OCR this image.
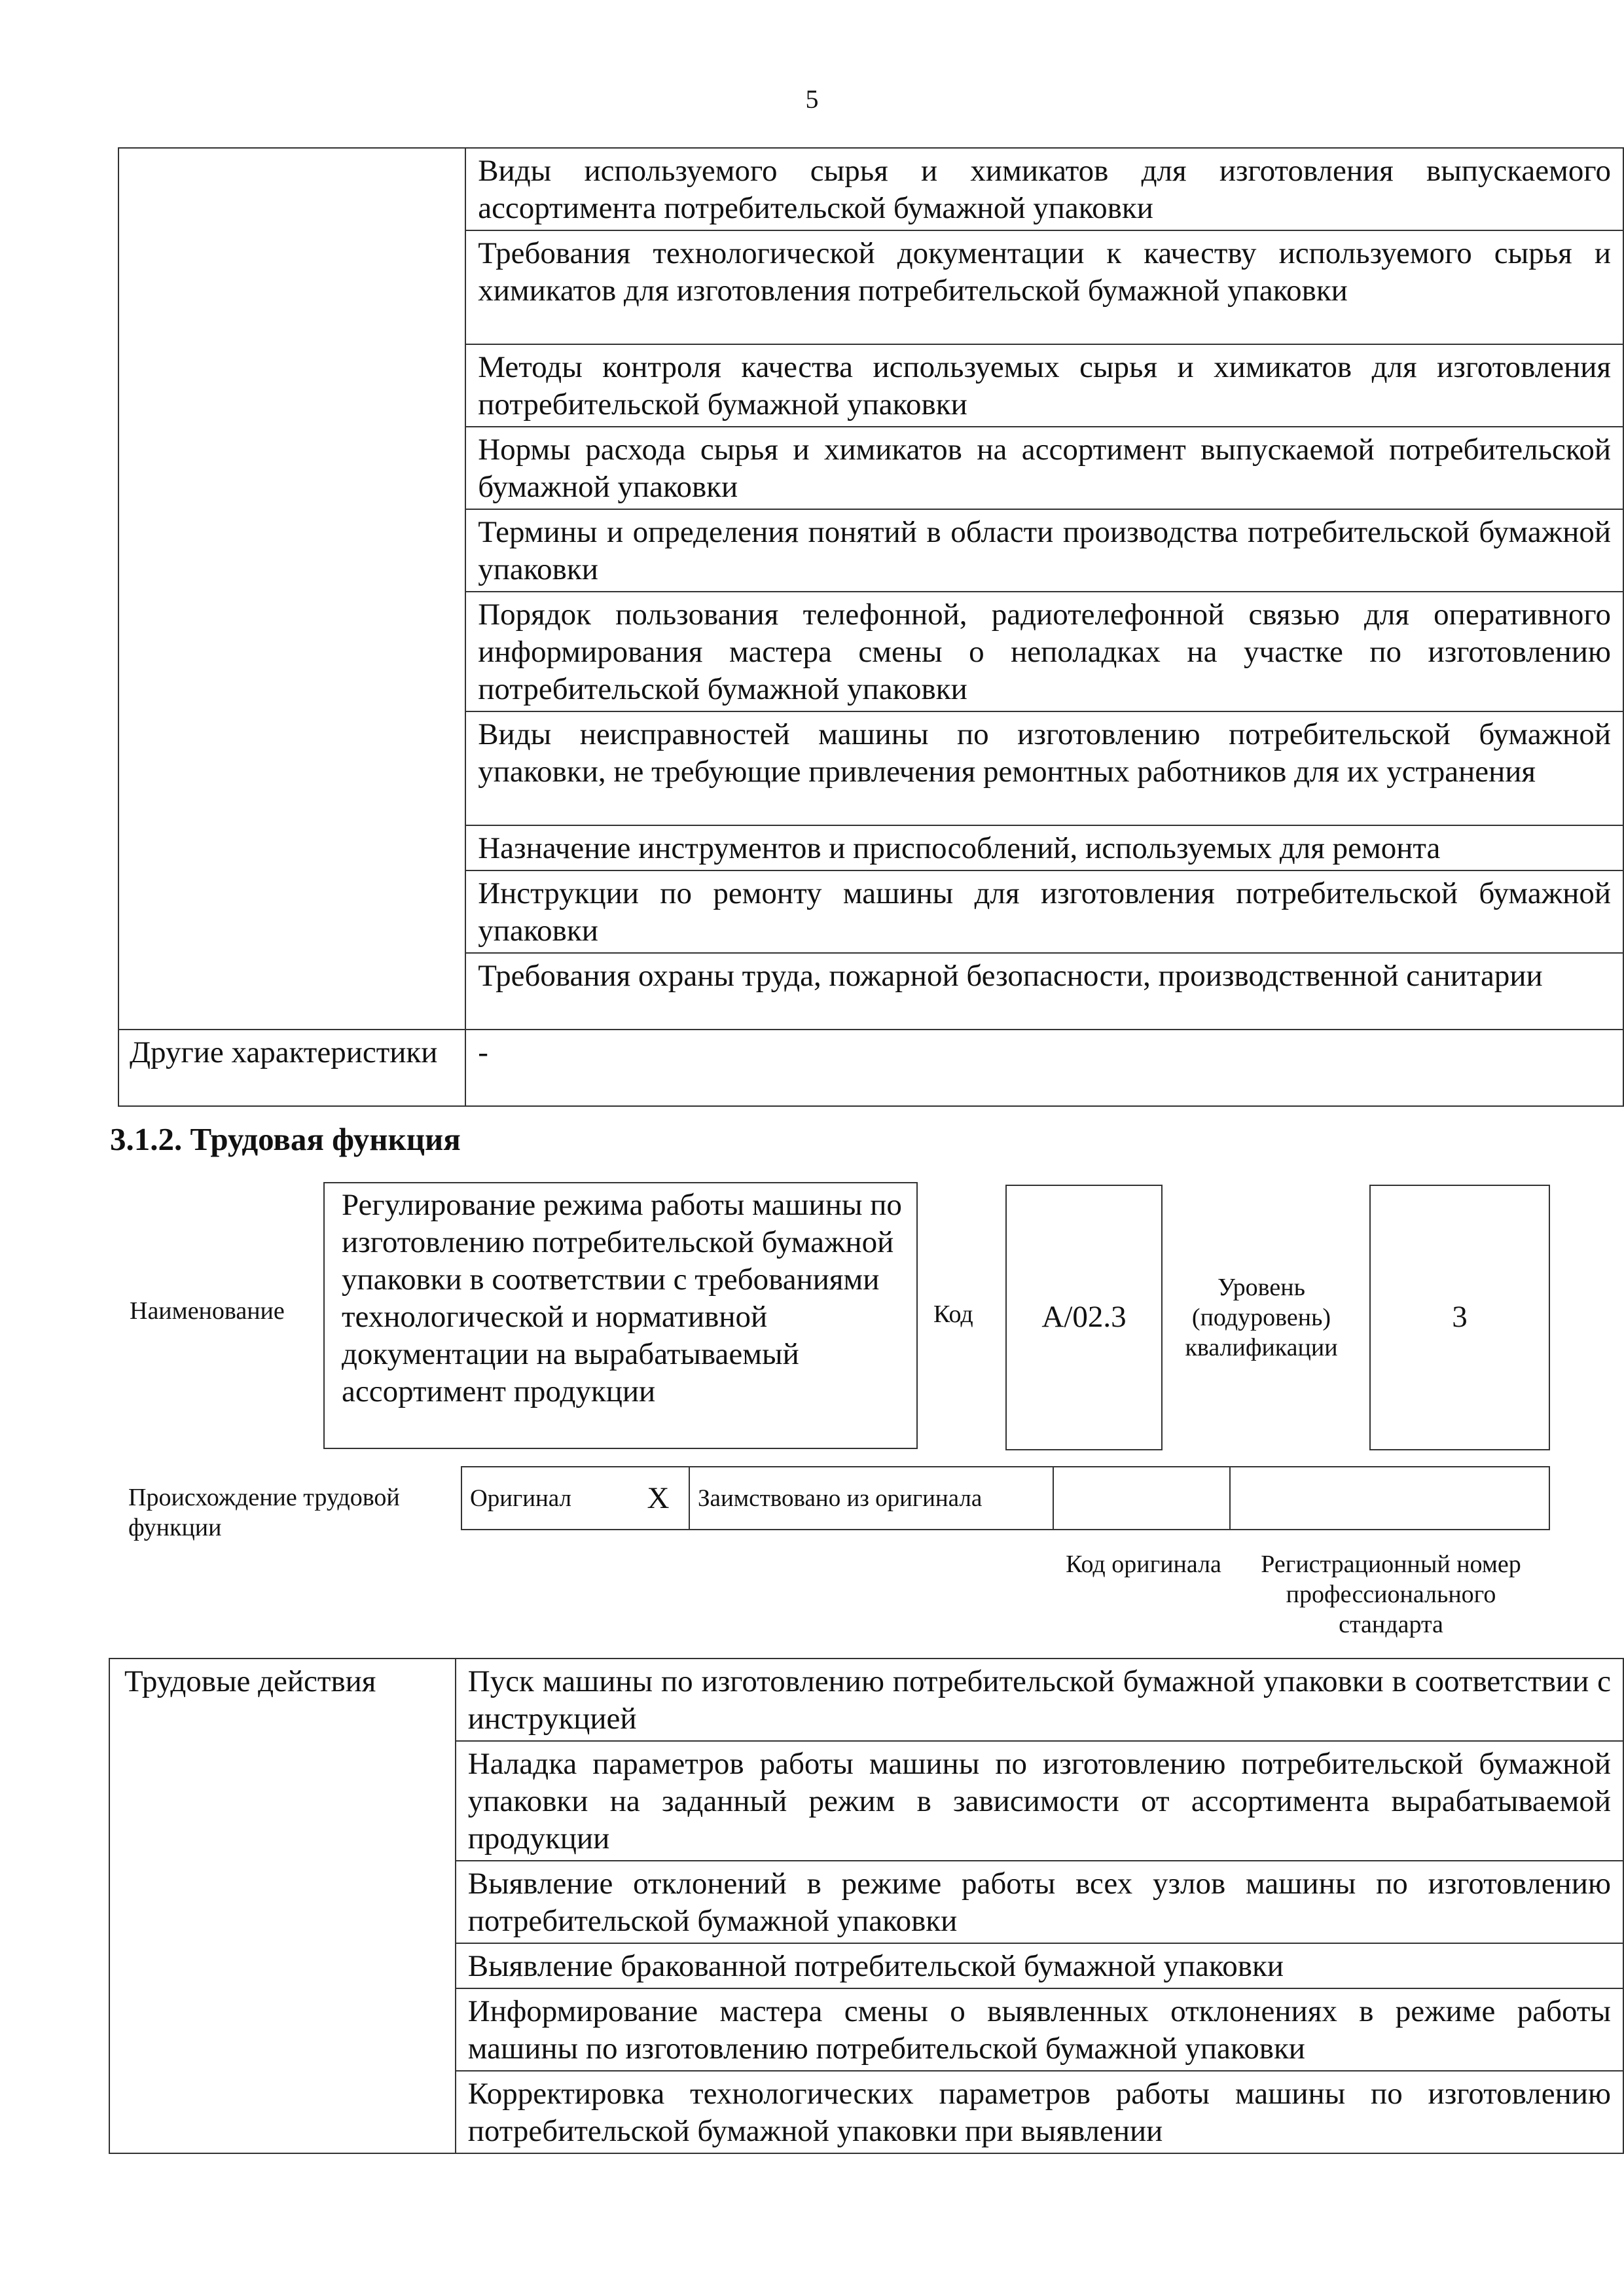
5
	Виды используемого сырья и химикатов для изготовления выпускаемого ассортимента потребительской бумажной упаковки
	Требования технологической документации к качеству используемого сырья и химикатов для изготовления потребительской бумажной упаковки
	Методы контроля качества используемых сырья и химикатов для изготовления потребительской бумажной упаковки
	Нормы расхода сырья и химикатов на ассортимент выпускаемой потребительской бумажной упаковки
	Термины и определения понятий в области производства потребительской бумажной упаковки
	Порядок пользования телефонной, радиотелефонной связью для оперативного информирования мастера смены о неполадках на участке по изготовлению потребительской бумажной упаковки
	Виды неисправностей машины по изготовлению потребительской бумажной упаковки, не требующие привлечения ремонтных работников для их устранения
	Назначение инструментов и приспособлений, используемых для ремонта
	Инструкции по ремонту машины для изготовления потребительской бумажной упаковки
	Требования охраны труда, пожарной безопасности, производственной санитарии
Другие характеристики	-
3.1.2. Трудовая функция
Наименование
Регулирование режима работы машины по изготовлению потребительской бумажной упаковки в соответствии с требованиями технологической и нормативной документации на вырабатываемый ассортимент продукции
Код	A/02.3
Уровень (подуровень) квалификации
3
Происхождение трудовой функции
Оригинал	X	Заимствовано из оригинала		
Код оригинала	Регистрационный номер профессионального стандарта
Трудовые действия	Пуск машины по изготовлению потребительской бумажной упаковки в соответствии с инструкцией
Наладка параметров работы машины по изготовлению потребительской бумажной упаковки на заданный режим в зависимости от ассортимента вырабатываемой продукции
Выявление отклонений в режиме работы всех узлов машины по изготовлению потребительской бумажной упаковки
Выявление бракованной потребительской бумажной упаковки
Информирование мастера смены о выявленных отклонениях в режиме работы машины по изготовлению потребительской бумажной упаковки
Корректировка технологических параметров работы машины по изготовлению потребительской бумажной упаковки при выявлении
